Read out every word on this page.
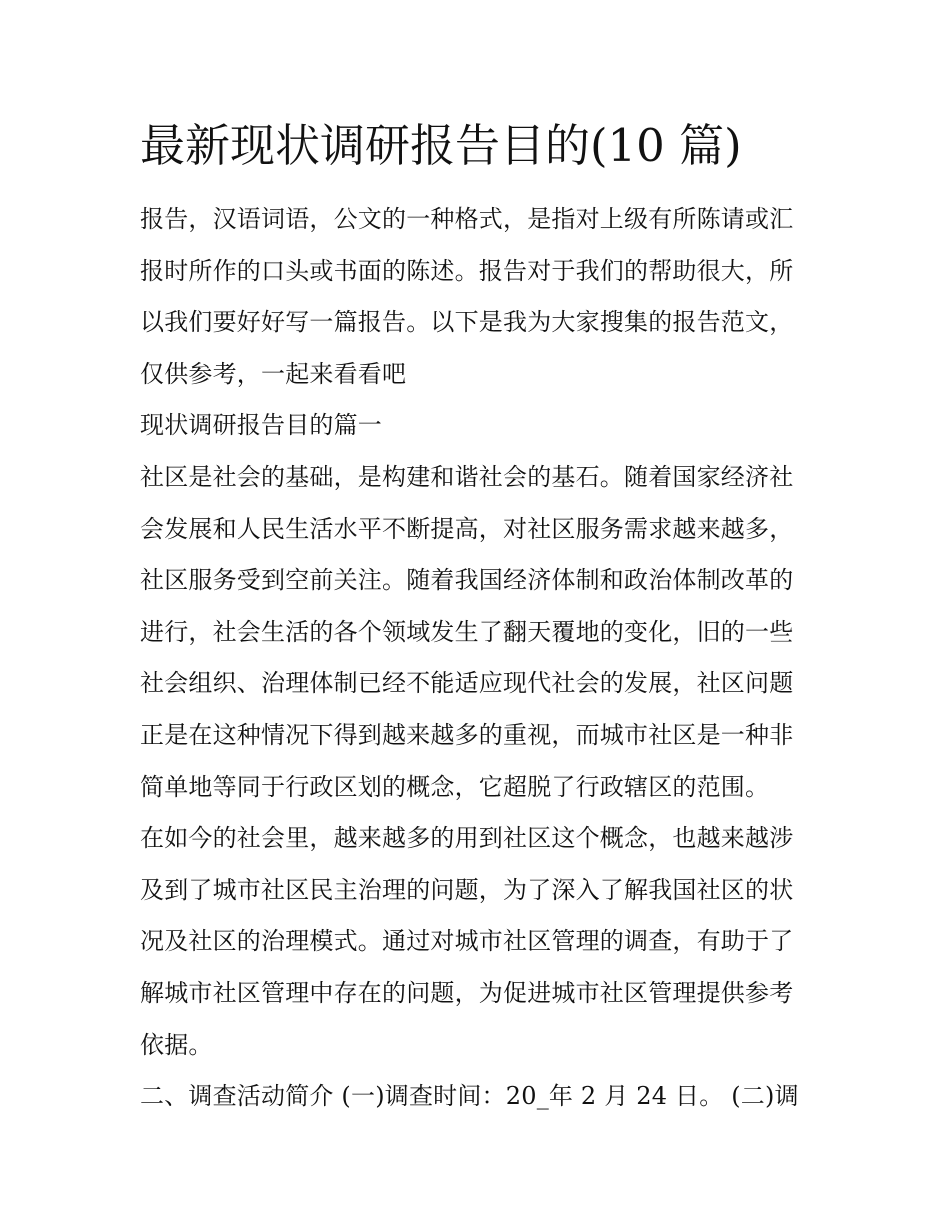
最新现状调研报告目的(10 篇)
报告，汉语词语，公文的一种格式，是指对上级有所陈请或汇
报时所作的口头或书面的陈述。报告对于我们的帮助很大，所
以我们要好好写一篇报告。以下是我为大家搜集的报告范文，
仅供参考，一起来看看吧
现状调研报告目的篇一
社区是社会的基础，是构建和谐社会的基石。随着国家经济社
会发展和人民生活水平不断提高，对社区服务需求越来越多，
社区服务受到空前关注。随着我国经济体制和政治体制改革的
进行，社会生活的各个领域发生了翻天覆地的变化，旧的一些
社会组织、治理体制已经不能适应现代社会的发展，社区问题
正是在这种情况下得到越来越多的重视，而城市社区是一种非
简单地等同于行政区划的概念，它超脱了行政辖区的范围。
在如今的社会里，越来越多的用到社区这个概念，也越来越涉
及到了城市社区民主治理的问题，为了深入了解我国社区的状
况及社区的治理模式。通过对城市社区管理的调查，有助于了
解城市社区管理中存在的问题，为促进城市社区管理提供参考
依据。
二、调查活动简介 (一)调查时间：20_年 2 月 24 日。 (二)调
